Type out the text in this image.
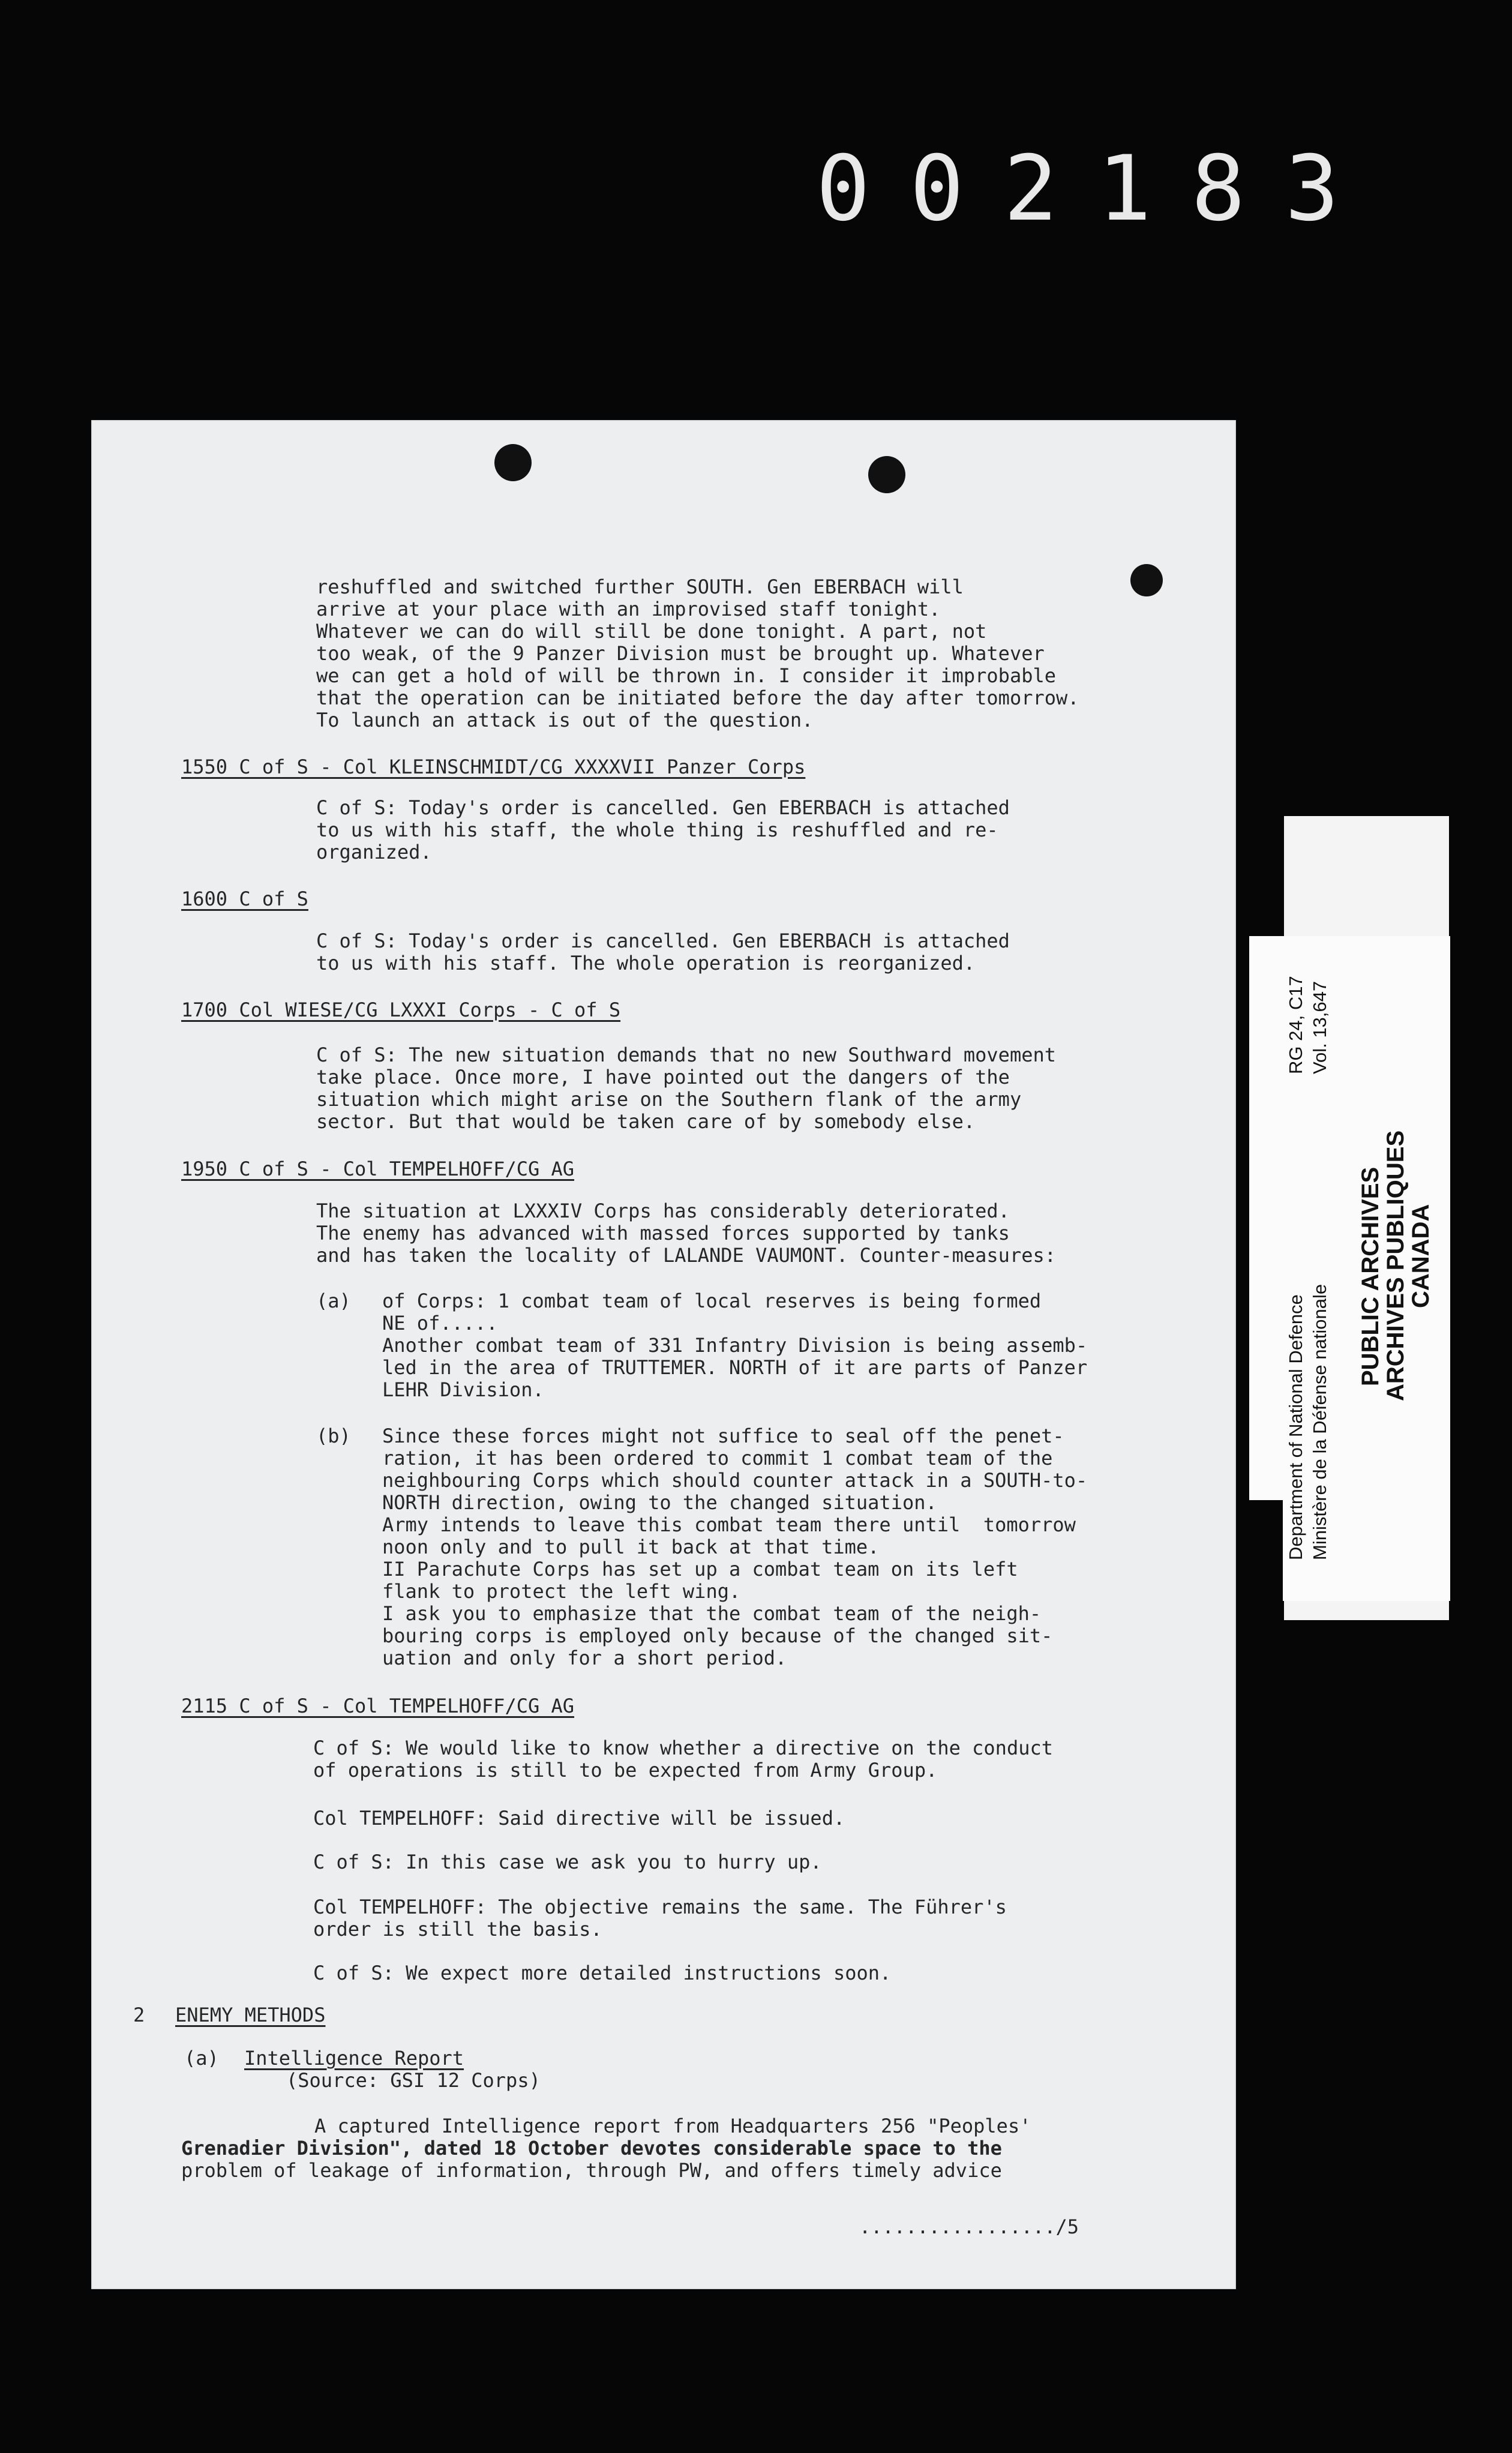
002183

reshuffled and switched further SOUTH. Gen EBERBACH will

arrive at your place with an improvised staff tonight.

Whatever we can do will still be done tonight. A part, not

too weak, of the 9 Panzer Division must be brought up. Whatever

we can get a hold of will be thrown in. I consider it improbable

that the operation can be initiated before the day after tomorrow.

To launch an attack is out of the question.

1550 C of S - Col KLEINSCHMIDT/CG XXXXVII Panzer Corps

C of S: Today's order is cancelled. Gen EBERBACH is attached

to us with his staff, the whole thing is reshuffled and re-

organized.

1600 C of S

C of S: Today's order is cancelled. Gen EBERBACH is attached

to us with his staff. The whole operation is reorganized.

1700 Col WIESE/CG LXXXI Corps - C of S

C of S: The new situation demands that no new Southward movement

take place. Once more, I have pointed out the dangers of the

situation which might arise on the Southern flank of the army

sector. But that would be taken care of by somebody else.

1950 C of S - Col TEMPELHOFF/CG AG

The situation at LXXXIV Corps has considerably deteriorated.

The enemy has advanced with massed forces supported by tanks

and has taken the locality of LALANDE VAUMONT. Counter-measures:

(a)

of Corps: 1 combat team of local reserves is being formed

NE of.....

Another combat team of 331 Infantry Division is being assemb-

led in the area of TRUTTEMER. NORTH of it are parts of Panzer

LEHR Division.

(b)

Since these forces might not suffice to seal off the penet-

ration, it has been ordered to commit 1 combat team of the

neighbouring Corps which should counter attack in a SOUTH-to-

NORTH direction, owing to the changed situation.

Army intends to leave this combat team there until  tomorrow

noon only and to pull it back at that time.

II Parachute Corps has set up a combat team on its left

flank to protect the left wing.

I ask you to emphasize that the combat team of the neigh-

bouring corps is employed only because of the changed sit-

uation and only for a short period.

2115 C of S - Col TEMPELHOFF/CG AG

C of S: We would like to know whether a directive on the conduct

of operations is still to be expected from Army Group.

Col TEMPELHOFF: Said directive will be issued.

C of S: In this case we ask you to hurry up.

Col TEMPELHOFF: The objective remains the same. The Führer's

order is still the basis.

C of S: We expect more detailed instructions soon.

2

ENEMY METHODS

(a)

Intelligence Report

(Source: GSI 12 Corps)

A captured Intelligence report from Headquarters 256 "Peoples'

Grenadier Division", dated 18 October devotes considerable space to the

problem of leakage of information, through PW, and offers timely advice

................./5

Department of National Defence Ministère de la Défense nationale
RG 24, C17 Vol. 13,647
PUBLIC ARCHIVES
ARCHIVES PUBLIQUES
CANADA
